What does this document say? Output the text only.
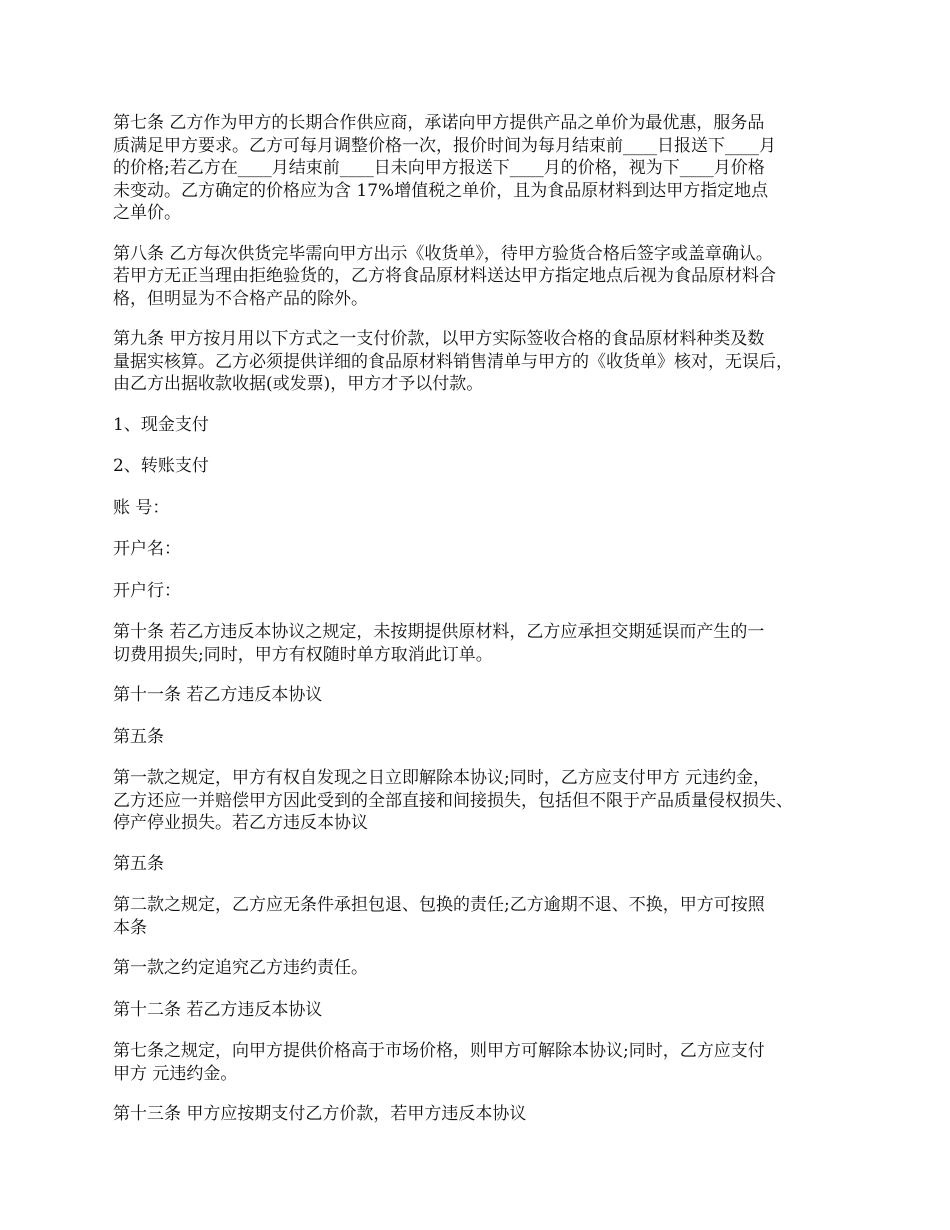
第七条 乙方作为甲方的长期合作供应商，承诺向甲方提供产品之单价为最优惠，服务品
质满足甲方要求。乙方可每月调整价格一次，报价时间为每月结束前____日报送下____月
的价格;若乙方在____月结束前____日未向甲方报送下____月的价格，视为下____月价格
未变动。乙方确定的价格应为含 17%增值税之单价，且为食品原材料到达甲方指定地点
之单价。

第八条 乙方每次供货完毕需向甲方出示《收货单》，待甲方验货合格后签字或盖章确认。
若甲方无正当理由拒绝验货的，乙方将食品原材料送达甲方指定地点后视为食品原材料合
格，但明显为不合格产品的除外。

第九条 甲方按月用以下方式之一支付价款，以甲方实际签收合格的食品原材料种类及数
量据实核算。乙方必须提供详细的食品原材料销售清单与甲方的《收货单》核对，无误后，
由乙方出据收款收据(或发票)，甲方才予以付款。

1、现金支付

2、转账支付

账 号：

开户名：

开户行：

第十条 若乙方违反本协议之规定，未按期提供原材料，乙方应承担交期延误而产生的一
切费用损失;同时，甲方有权随时单方取消此订单。

第十一条 若乙方违反本协议

第五条

第一款之规定，甲方有权自发现之日立即解除本协议;同时，乙方应支付甲方 元违约金，
乙方还应一并赔偿甲方因此受到的全部直接和间接损失，包括但不限于产品质量侵权损失、
停产停业损失。若乙方违反本协议

第五条

第二款之规定，乙方应无条件承担包退、包换的责任;乙方逾期不退、不换，甲方可按照
本条

第一款之约定追究乙方违约责任。

第十二条 若乙方违反本协议

第七条之规定，向甲方提供价格高于市场价格，则甲方可解除本协议;同时，乙方应支付
甲方 元违约金。

第十三条 甲方应按期支付乙方价款，若甲方违反本协议
